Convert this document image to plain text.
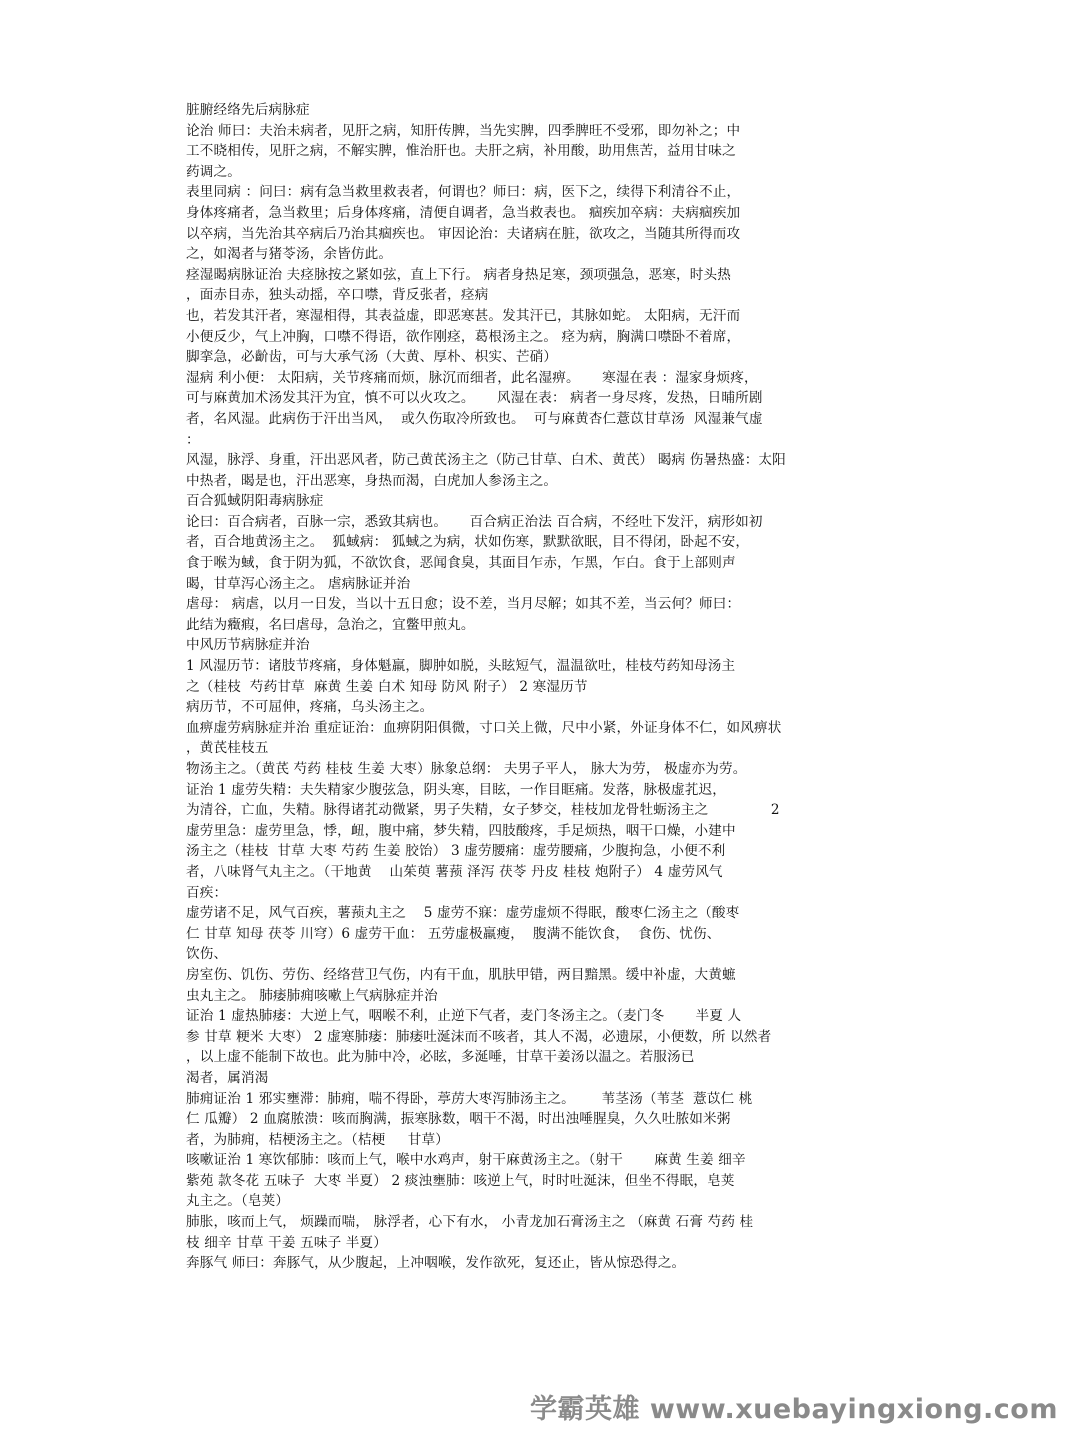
脏腑经络先后病脉症
论治 师曰：夫治未病者，见肝之病，知肝传脾，当先实脾，四季脾旺不受邪，即勿补之；中
工不晓相传，见肝之病，不解实脾，惟治肝也。夫肝之病，补用酸，助用焦苦，益用甘味之
药调之。
表里同病 ：问曰：病有急当救里救表者，何谓也？师曰：病，医下之，续得下利清谷不止，
身体疼痛者，急当救里；后身体疼痛，清便自调者，急当救表也。 痼疾加卒病：夫病痼疾加
以卒病，当先治其卒病后乃治其痼疾也。 审因论治：夫诸病在脏，欲攻之，当随其所得而攻
之，如渴者与猪苓汤，余皆仿此。
痉湿暍病脉证治 夫痉脉按之紧如弦，直上下行。 病者身热足寒，颈项强急，恶寒，时头热
，面赤目赤，独头动摇，卒口噤，背反张者，痉病
也，若发其汗者，寒湿相得，其表益虚，即恶寒甚。发其汗已，其脉如蛇。 太阳病，无汗而
小便反少，气上冲胸，口噤不得语，欲作刚痉，葛根汤主之。 痉为病，胸满口噤卧不着席，
脚挛急，必齘齿，可与大承气汤（大黄、厚朴、枳实、芒硝）
湿病 利小便： 太阳病，关节疼痛而烦，脉沉而细者，此名湿痹。     寒湿在表 ：湿家身烦疼，
可与麻黄加术汤发其汗为宜，慎不可以火攻之。     风湿在表： 病者一身尽疼，发热，日晡所剧
者，名风湿。此病伤于汗出当风，  或久伤取冷所致也。  可与麻黄杏仁薏苡甘草汤  风湿兼气虚
：
风湿，脉浮、身重，汗出恶风者，防己黄芪汤主之（防己甘草、白术、黄芪） 暍病 伤暑热盛：太阳
中热者，暍是也，汗出恶寒，身热而渴，白虎加人参汤主之。
百合狐蜮阴阳毒病脉症
论曰：百合病者，百脉一宗，悉致其病也。     百合病正治法 百合病，不经吐下发汗，病形如初
者，百合地黄汤主之。  狐蜮病： 狐蜮之为病，状如伤寒，默默欲眠，目不得闭，卧起不安，
食于喉为蜮，食于阴为狐，不欲饮食，恶闻食臭，其面目乍赤，乍黑，乍白。食于上部则声
暍，甘草泻心汤主之。 虐病脉证并治
虐母： 病虐，以月一日发，当以十五日愈；设不差，当月尽解；如其不差，当云何？师曰：
此结为癥瘕，名曰虐母，急治之，宜鳖甲煎丸。
中风历节病脉症并治
1 风湿历节：诸肢节疼痛，身体魁羸，脚肿如脱，头眩短气，温温欲吐，桂枝芍药知母汤主
之（桂枝  芍药甘草  麻黄 生姜 白术 知母 防风 附子） 2 寒湿历节
病历节，不可屈伸，疼痛，乌头汤主之。
血痹虚劳病脉症并治 重症证治：血痹阴阳俱微，寸口关上微，尺中小紧，外证身体不仁，如风痹状
，黄芪桂枝五
物汤主之。（黄芪 芍药 桂枝 生姜 大枣）脉象总纲： 夫男子平人， 脉大为劳， 极虚亦为劳。
证治 1 虚劳失精：夫失精家少腹弦急，阴头寒，目眩，一作目眶痛。发落，脉极虚芤迟，
为清谷，亡血，失精。脉得诸芤动微紧，男子失精，女子梦交，桂枝加龙骨牡蛎汤主之              2
虚劳里急：虚劳里急，悸，衄，腹中痛，梦失精，四肢酸疼，手足烦热，咽干口燥，小建中
汤主之（桂枝  甘草 大枣 芍药 生姜 胶饴） 3 虚劳腰痛：虚劳腰痛，少腹拘急，小便不利
者，八味肾气丸主之。（干地黄    山茱萸 薯蓣 泽泻 茯苓 丹皮 桂枝 炮附子） 4 虚劳风气
百疾：
虚劳诸不足，风气百疾，薯蓣丸主之    5 虚劳不寐：虚劳虚烦不得眠，酸枣仁汤主之（酸枣
仁 甘草 知母 茯苓 川穹）6 虚劳干血： 五劳虚极羸瘦，  腹满不能饮食，  食伤、忧伤、
饮伤、
房室伤、饥伤、劳伤、经络营卫气伤，内有干血，肌肤甲错，两目黯黑。缓中补虚，大黄蟅
虫丸主之。 肺痿肺痈咳嗽上气病脉症并治
证治 1 虚热肺痿：大逆上气，咽喉不利，止逆下气者，麦门冬汤主之。（麦门冬       半夏 人
参 甘草 粳米 大枣） 2 虚寒肺痿：肺痿吐涎沫而不咳者，其人不渴，必遗尿，小便数，所 以然者
，以上虚不能制下故也。此为肺中冷，必眩，多涎唾，甘草干姜汤以温之。若服汤已
渴者，属消渴
肺痈证治 1 邪实壅滞：肺痈，喘不得卧，葶苈大枣泻肺汤主之。      苇茎汤（苇茎  薏苡仁 桃
仁 瓜瓣） 2 血腐脓溃：咳而胸满，振寒脉数，咽干不渴，时出浊唾腥臭，久久吐脓如米粥
者，为肺痈，桔梗汤主之。（桔梗     甘草）
咳嗽证治 1 寒饮郁肺：咳而上气，喉中水鸡声，射干麻黄汤主之。（射干       麻黄 生姜 细辛
紫苑 款冬花 五味子  大枣 半夏） 2 痰浊壅肺：咳逆上气，时时吐涎沫，但坐不得眠，皂荚
丸主之。（皂荚）
肺胀，咳而上气， 烦躁而喘， 脉浮者，心下有水， 小青龙加石膏汤主之 （麻黄 石膏 芍药 桂
枝 细辛 甘草 干姜 五味子 半夏）
奔豚气 师曰：奔豚气，从少腹起，上冲咽喉，发作欲死，复还止，皆从惊恐得之。
学霸英雄 www.xuebayingxiong.com
